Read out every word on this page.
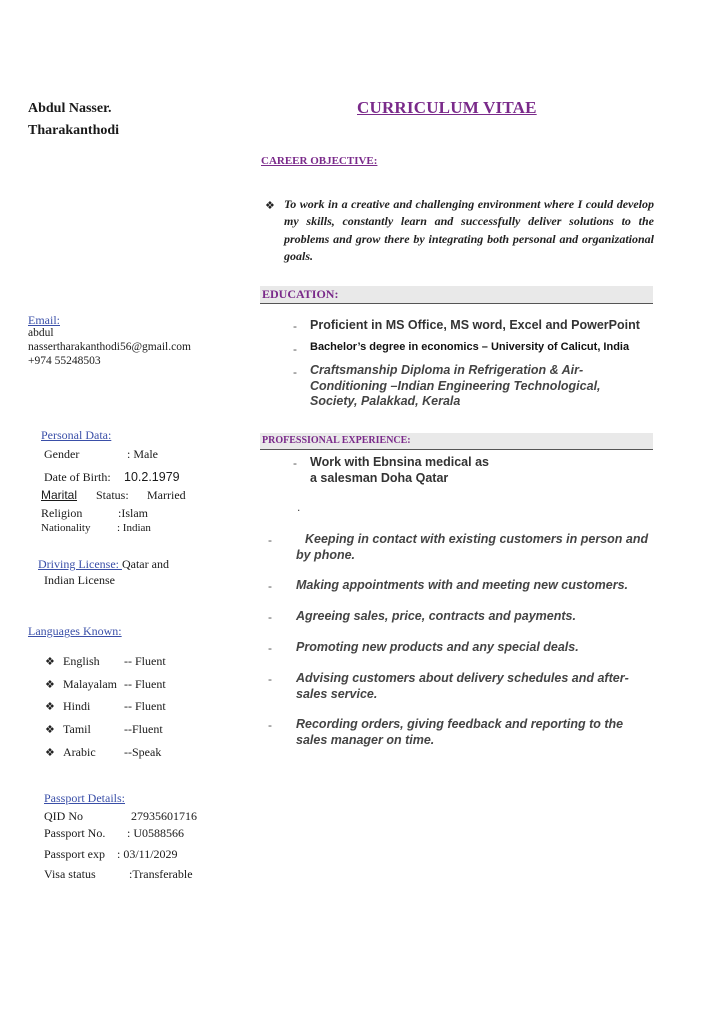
Abdul Nasser.
Tharakanthodi
Email:
abdul
nassertharakanthodi56@gmail.com
+974 55248503
Personal Data:
Gender	: Male
Date of Birth: 10.2.1979
Marital Status: Married
Religion	:Islam
Nationality : Indian
Driving License: Qatar and
Indian License
Languages Known:
❖ English -- Fluent
❖ Malayalam -- Fluent
❖ Hindi	-- Fluent
❖ Tamil	--Fluent
❖ Arabic --Speak
Passport Details:
QID No	27935601716
Passport No. : U0588566
Passport exp : 03/11/2029
Visa status	:Transferable
CURRICULUM VITAE
CAREER OBJECTIVE:
❖ To work in a creative and challenging environment where I could develop my skills, constantly learn and successfully deliver solutions to the problems and grow there by integrating both personal and organizational goals.
EDUCATION:
- Proficient in MS Office, MS word, Excel and PowerPoint
- Bachelor’s degree in economics – University of Calicut, India
- Craftsmanship Diploma in Refrigeration & Air-Conditioning –Indian Engineering Technological, Society, Palakkad, Kerala
PROFESSIONAL EXPERIENCE:
- Work with Ebnsina medical as
a salesman Doha Qatar
.
-	Keeping in contact with existing customers in person and by phone.
- Making appointments with and meeting new customers.
- Agreeing sales, price, contracts and payments.
- Promoting new products and any special deals.
- Advising customers about delivery schedules and after-sales service.
- Recording orders, giving feedback and reporting to the sales manager on time.
